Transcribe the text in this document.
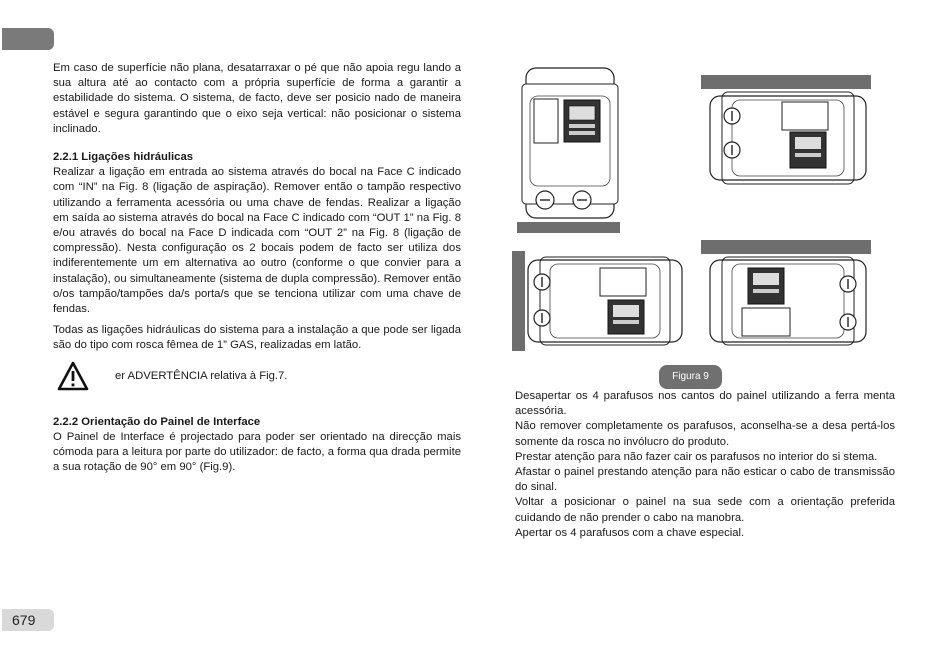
Em caso de superfície não plana, desatarraxar o pé que não apoia regu lando a sua altura até ao contacto com a própria superfície de forma a garantir a estabilidade do sistema. O sistema, de facto, deve ser posicio nado de maneira estável e segura garantindo que o eixo seja vertical: não posicionar o sistema inclinado.

2.2.1 Ligações hidráulicas

Realizar a ligação em entrada ao sistema através do bocal na Face C indicado com “IN” na Fig. 8 (ligação de aspiração). Remover então o tampão respectivo utilizando a ferramenta acessória ou uma chave de fendas. Realizar a ligação em saída ao sistema através do bocal na Face C indicado com “OUT 1” na Fig. 8 e/ou através do bocal na Face D indicada com “OUT 2” na Fig. 8 (ligação de compressão). Nesta configuração os 2 bocais podem de facto ser utiliza dos indiferentemente um em alternativa ao outro (conforme o que convier para a instalação), ou simultaneamente (sistema de dupla compressão). Remover então o/os tampão/tampões da/s porta/s que se tenciona utilizar com uma chave de fendas.

Todas as ligações hidráulicas do sistema para a instalação a que pode ser ligada são do tipo com rosca fêmea de 1” GAS, realizadas em latão.

er ADVERTÊNCIA relativa à Fig.7.
2.2.2 Orientação do Painel de Interface

O Painel de Interface é projectado para poder ser orientado na direcção mais cómoda para a leitura por parte do utilizador: de facto, a forma qua drada permite a sua rotação de 90° em 90° (Fig.9).

Figura 9

Desapertar os 4 parafusos nos cantos do painel utilizando a ferra menta acessória.

Não remover completamente os parafusos, aconselha-se a desa pertá-los somente da rosca no invólucro do produto.

Prestar atenção para não fazer cair os parafusos no interior do si stema.

Afastar o painel prestando atenção para não esticar o cabo de transmissão do sinal.

Voltar a posicionar o painel na sua sede com a orientação preferida cuidando de não prender o cabo na manobra.

Apertar os 4 parafusos com a chave especial.

679
